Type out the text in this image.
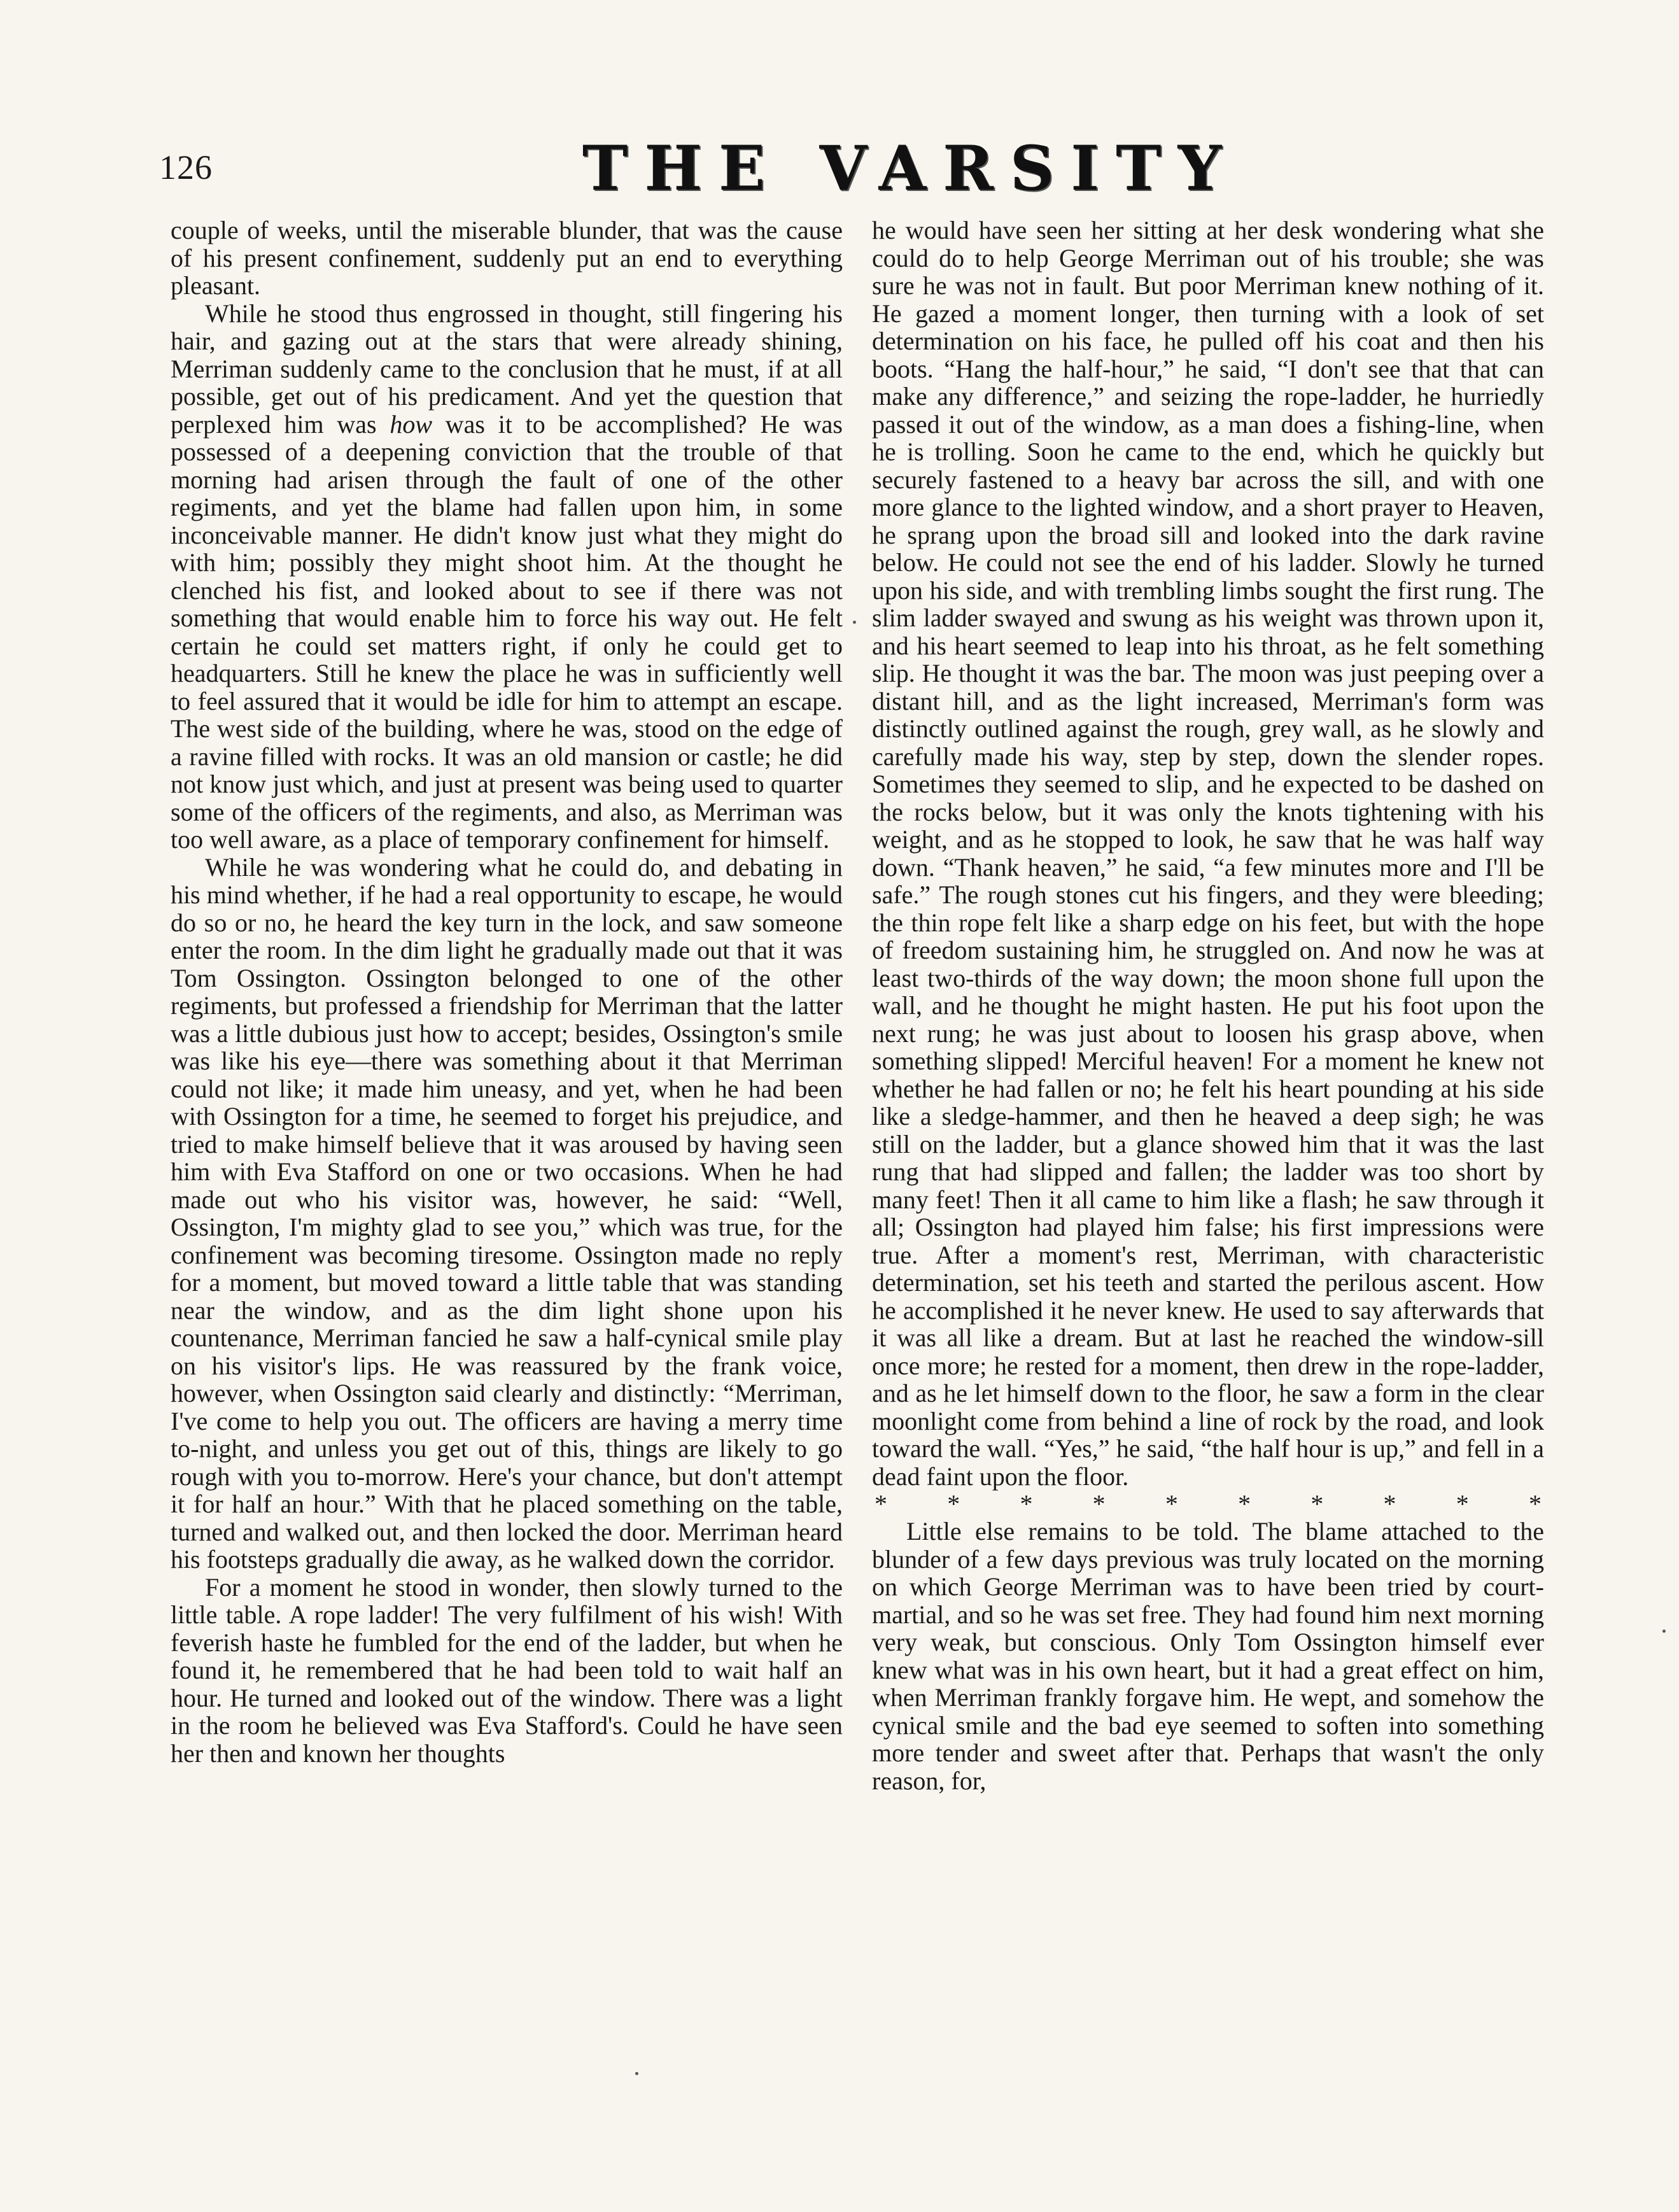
126	THE VARSITY

couple of weeks, until the miserable blunder, that was the cause of his present confinement, suddenly put an end to everything pleasant.

While he stood thus engrossed in thought, still fingering his hair, and gazing out at the stars that were already shining, Merriman suddenly came to the conclusion that he must, if at all possible, get out of his predicament. And yet the question that perplexed him was how was it to be accomplished? He was possessed of a deepening conviction that the trouble of that morning had arisen through the fault of one of the other regiments, and yet the blame had fallen upon him, in some inconceivable manner. He didn't know just what they might do with him; possibly they might shoot him. At the thought he clenched his fist, and looked about to see if there was not something that would enable him to force his way out. He felt certain he could set matters right, if only he could get to headquarters. Still he knew the place he was in sufficiently well to feel assured that it would be idle for him to attempt an escape. The west side of the building, where he was, stood on the edge of a ravine filled with rocks. It was an old mansion or castle; he did not know just which, and just at present was being used to quarter some of the officers of the regiments, and also, as Merriman was too well aware, as a place of temporary confinement for himself.

While he was wondering what he could do, and debating in his mind whether, if he had a real opportunity to escape, he would do so or no, he heard the key turn in the lock, and saw someone enter the room. In the dim light he gradually made out that it was Tom Ossington. Ossington belonged to one of the other regiments, but professed a friendship for Merriman that the latter was a little dubious just how to accept; besides, Ossington's smile was like his eye—there was something about it that Merriman could not like; it made him uneasy, and yet, when he had been with Ossington for a time, he seemed to forget his prejudice, and tried to make himself believe that it was aroused by having seen him with Eva Stafford on one or two occasions. When he had made out who his visitor was, however, he said: “Well, Ossington, I'm mighty glad to see you,” which was true, for the confinement was becoming tiresome. Ossington made no reply for a moment, but moved toward a little table that was standing near the window, and as the dim light shone upon his countenance, Merriman fancied he saw a half-cynical smile play on his visitor's lips. He was reassured by the frank voice, however, when Ossington said clearly and distinctly: “Merriman, I've come to help you out. The officers are having a merry time to-night, and unless you get out of this, things are likely to go rough with you to-morrow. Here's your chance, but don't attempt it for half an hour.” With that he placed something on the table, turned and walked out, and then locked the door. Merriman heard his footsteps gradually die away, as he walked down the corridor.

For a moment he stood in wonder, then slowly turned to the little table. A rope ladder! The very fulfilment of his wish! With feverish haste he fumbled for the end of the ladder, but when he found it, he remembered that he had been told to wait half an hour. He turned and looked out of the window. There was a light in the room he believed was Eva Stafford's. Could he have seen her then and known her thoughts

he would have seen her sitting at her desk wondering what she could do to help George Merriman out of his trouble; she was sure he was not in fault. But poor Merriman knew nothing of it. He gazed a moment longer, then turning with a look of set determination on his face, he pulled off his coat and then his boots. “Hang the half-hour,” he said, “I don't see that that can make any difference,” and seizing the rope-ladder, he hurriedly passed it out of the window, as a man does a fishing-line, when he is trolling. Soon he came to the end, which he quickly but securely fastened to a heavy bar across the sill, and with one more glance to the lighted window, and a short prayer to Heaven, he sprang upon the broad sill and looked into the dark ravine below. He could not see the end of his ladder. Slowly he turned upon his side, and with trembling limbs sought the first rung. The slim ladder swayed and swung as his weight was thrown upon it, and his heart seemed to leap into his throat, as he felt something slip. He thought it was the bar. The moon was just peeping over a distant hill, and as the light increased, Merriman's form was distinctly outlined against the rough, grey wall, as he slowly and carefully made his way, step by step, down the slender ropes. Sometimes they seemed to slip, and he expected to be dashed on the rocks below, but it was only the knots tightening with his weight, and as he stopped to look, he saw that he was half way down. “Thank heaven,” he said, “a few minutes more and I'll be safe.” The rough stones cut his fingers, and they were bleeding; the thin rope felt like a sharp edge on his feet, but with the hope of freedom sustaining him, he struggled on. And now he was at least two-thirds of the way down; the moon shone full upon the wall, and he thought he might hasten. He put his foot upon the next rung; he was just about to loosen his grasp above, when something slipped! Merciful heaven! For a moment he knew not whether he had fallen or no; he felt his heart pounding at his side like a sledge-hammer, and then he heaved a deep sigh; he was still on the ladder, but a glance showed him that it was the last rung that had slipped and fallen; the ladder was too short by many feet! Then it all came to him like a flash; he saw through it all; Ossington had played him false; his first impressions were true. After a moment's rest, Merriman, with characteristic determination, set his teeth and started the perilous ascent. How he accomplished it he never knew. He used to say afterwards that it was all like a dream. But at last he reached the window-sill once more; he rested for a moment, then drew in the rope-ladder, and as he let himself down to the floor, he saw a form in the clear moonlight come from behind a line of rock by the road, and look toward the wall. “Yes,” he said, “the half hour is up,” and fell in a dead faint upon the floor.

* * * * * * * * * *

Little else remains to be told. The blame attached to the blunder of a few days previous was truly located on the morning on which George Merriman was to have been tried by court-martial, and so he was set free. They had found him next morning very weak, but conscious. Only Tom Ossington himself ever knew what was in his own heart, but it had a great effect on him, when Merriman frankly forgave him. He wept, and somehow the cynical smile and the bad eye seemed to soften into something more tender and sweet after that. Perhaps that wasn't the only reason, for,
